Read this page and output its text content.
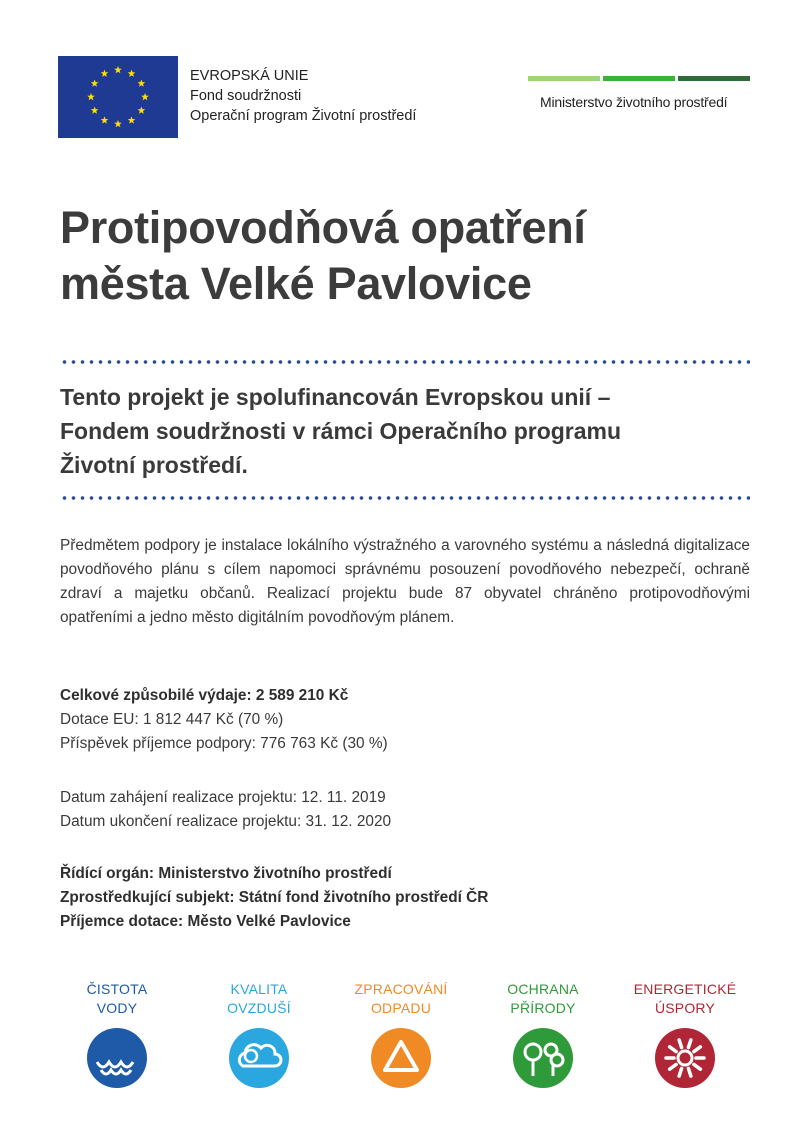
EVROPSKÁ UNIE
Fond soudržnosti
Operační program Životní prostředí
Ministerstvo životního prostředí
Protipovodňová opatření
města Velké Pavlovice
Tento projekt je spolufinancován Evropskou unií –
Fondem soudržnosti v rámci Operačního programu
Životní prostředí.

Předmětem podpory je instalace lokálního výstražného a varovného systému a následná digitalizace povodňového plánu s cílem napomoci správnému posouzení povodňového nebezpečí, ochraně zdraví a majetku občanů. Realizací projektu bude 87 obyvatel chráněno protipovodňovými opatřeními a jedno město digitálním povodňovým plánem.

Celkové způsobilé výdaje: 2 589 210 Kč
Dotace EU: 1 812 447 Kč (70 %)
Příspěvek příjemce podpory: 776 763 Kč (30 %)
Datum zahájení realizace projektu: 12. 11. 2019
Datum ukončení realizace projektu: 31. 12. 2020
Řídící orgán: Ministerstvo životního prostředí
Zprostředkující subjekt: Státní fond životního prostředí ČR
Příjemce dotace: Město Velké Pavlovice
ČISTOTA
VODY
KVALITA
OVZDUŠÍ
ZPRACOVÁNÍ
ODPADU
OCHRANA
PŘÍRODY
ENERGETICKÉ
ÚSPORY
